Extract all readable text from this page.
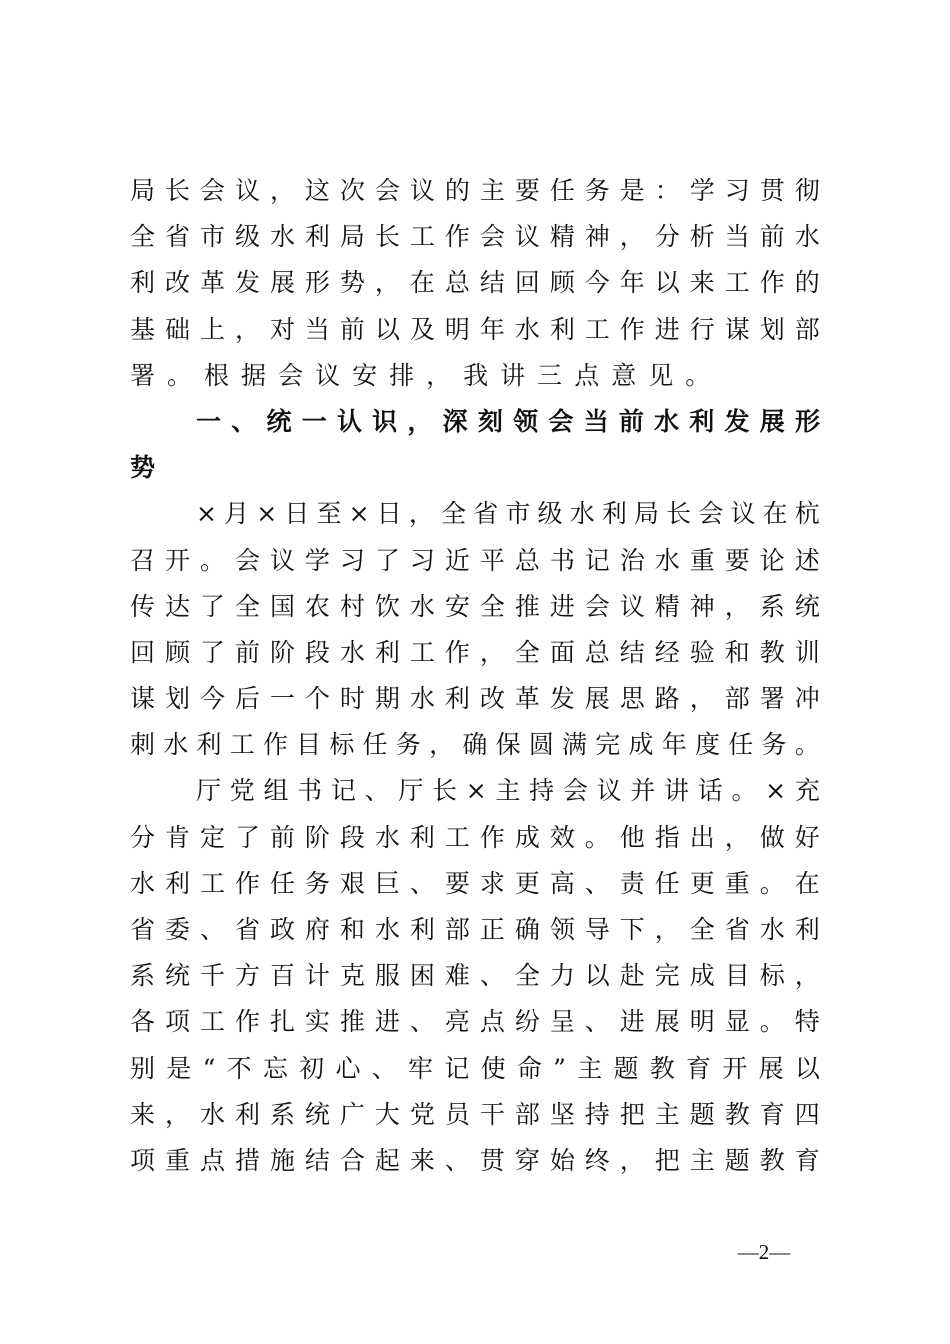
局 长 会 议 ， 这 次 会 议 的 主 要 任 务 是 ： 学 习 贯 彻
全 省 市 级 水 利 局 长 工 作 会 议 精 神 ， 分 析 当 前 水
利 改 革 发 展 形 势 ， 在 总 结 回 顾 今 年 以 来 工 作 的
基 础 上 ， 对 当 前 以 及 明 年 水 利 工 作 进 行 谋 划 部
署 。 根 据 会 议 安 排 ， 我 讲 三 点 意 见 。
一 、 统 一 认 识 ， 深 刻 领 会 当 前 水 利 发 展 形
势
× 月 × 日 至 × 日 ， 全 省 市 级 水 利 局 长 会 议 在 杭
召 开 。 会 议 学 习 了 习 近 平 总 书 记 治 水 重 要 论 述
传 达 了 全 国 农 村 饮 水 安 全 推 进 会 议 精 神 ， 系 统
回 顾 了 前 阶 段 水 利 工 作 ， 全 面 总 结 经 验 和 教 训
谋 划 今 后 一 个 时 期 水 利 改 革 发 展 思 路 ， 部 署 冲
刺 水 利 工 作 目 标 任 务 ， 确 保 圆 满 完 成 年 度 任 务 。
厅 党 组 书 记 、 厅 长 × 主 持 会 议 并 讲 话 。 × 充
分 肯 定 了 前 阶 段 水 利 工 作 成 效 。 他 指 出 ， 做 好
水 利 工 作 任 务 艰 巨 、 要 求 更 高 、 责 任 更 重 。 在
省 委 、 省 政 府 和 水 利 部 正 确 领 导 下 ， 全 省 水 利
系 统 千 方 百 计 克 服 困 难 、 全 力 以 赴 完 成 目 标 ，
各 项 工 作 扎 实 推 进 、 亮 点 纷 呈 、 进 展 明 显 。 特
别 是 “ 不 忘 初 心 、 牢 记 使 命 ” 主 题 教 育 开 展 以
来 ， 水 利 系 统 广 大 党 员 干 部 坚 持 把 主 题 教 育 四
项 重 点 措 施 结 合 起 来 、 贯 穿 始 终 ， 把 主 题 教 育
—2—
